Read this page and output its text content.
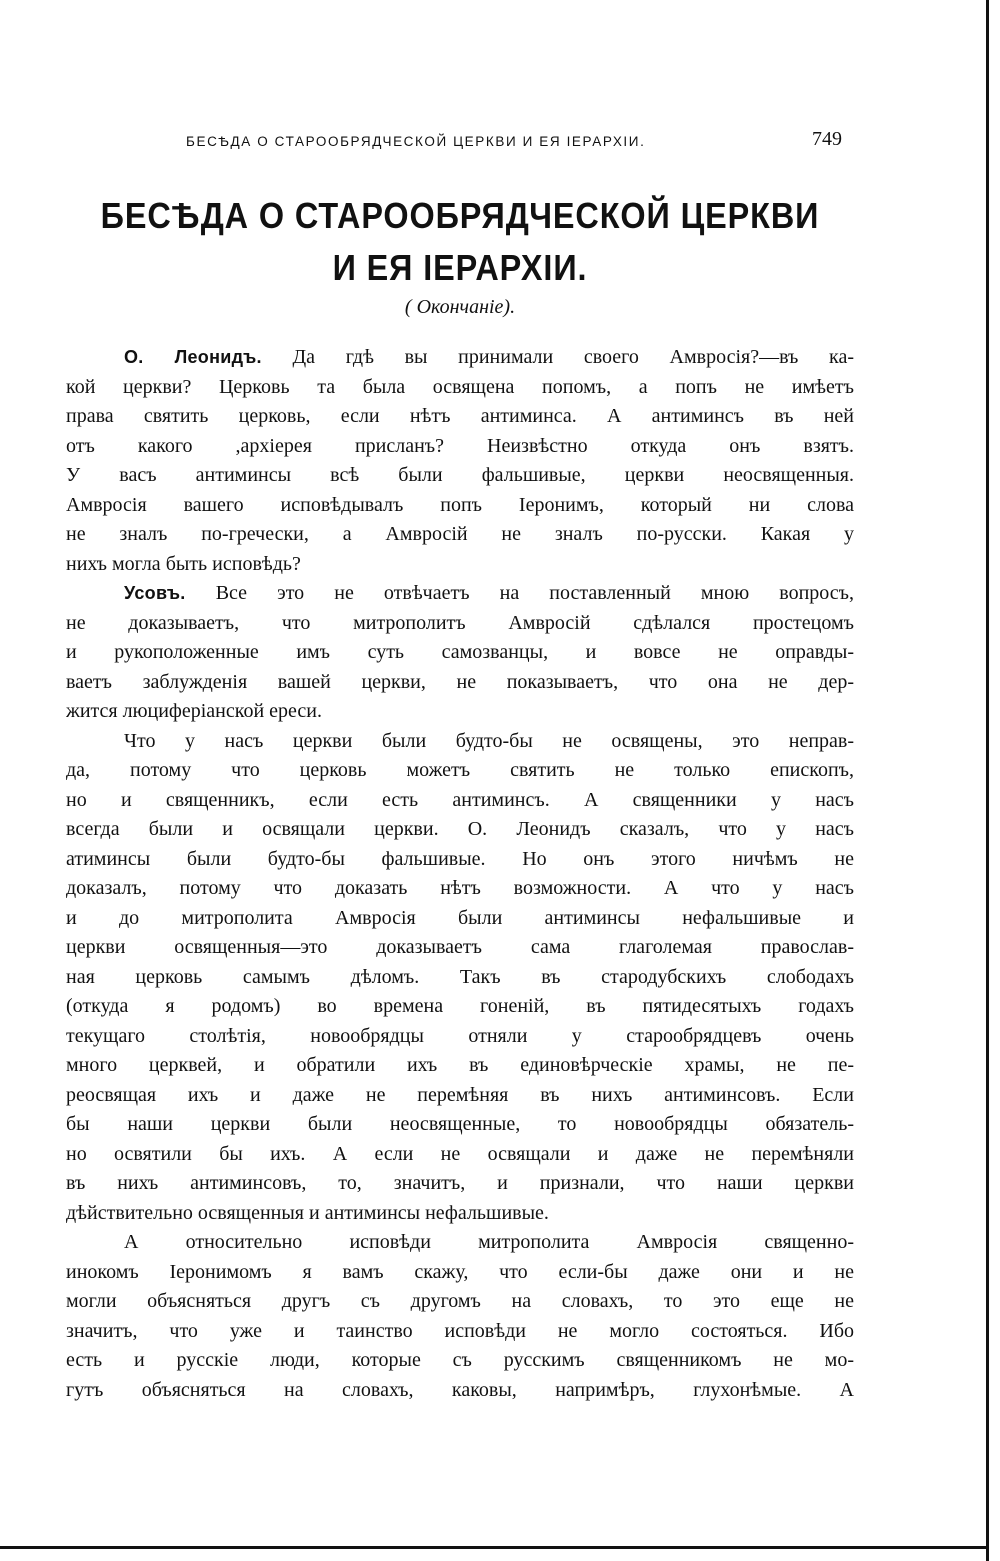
БЕСѢДА О СТАРООБРЯДЧЕСКОЙ ЦЕРКВИ И ЕЯ ІЕРАРХІИ.	749
БЕСѢДА О СТАРООБРЯДЧЕСКОЙ ЦЕРКВИ
И ЕЯ ІЕРАРХІИ.
( Окончаніе).
О. Леонидъ. Да гдѣ вы принимали своего Амвросія?—въ ка-
кой церкви? Церковь та была освящена попомъ, а попъ не имѣетъ
права святить церковь, если нѣтъ антиминса. А антиминсъ въ ней
отъ какого ,архіерея присланъ? Неизвѣстно откуда онъ взятъ.
У васъ антиминсы всѣ были фальшивые, церкви неосвященныя.
Амвросія вашего исповѣдывалъ попъ Іеронимъ, который ни слова
не зналъ по-гречески, а Амвросій не зналъ по-русски. Какая у
нихъ могла быть исповѣдь?
Усовъ. Все это не отвѣчаетъ на поставленный мною вопросъ,
не доказываетъ, что митрополитъ Амвросій сдѣлался простецомъ
и рукоположенные имъ суть самозванцы, и вовсе не оправды-
ваетъ заблужденія вашей церкви, не показываетъ, что она не дер-
жится люциферіанской ереси.
Что у насъ церкви были будто-бы не освящены, это неправ-
да, потому что церковь можетъ святить не только епископъ,
но и священникъ, если есть антиминсъ. А священники у насъ
всегда были и освящали церкви. О. Леонидъ сказалъ, что у насъ
атиминсы были будто-бы фальшивые. Но онъ этого ничѣмъ не
доказалъ, потому что доказать нѣтъ возможности. А что у насъ
и до митрополита Амвросія были антиминсы нефальшивые и
церкви освященныя—это доказываетъ сама глаголемая православ-
ная церковь самымъ дѣломъ. Такъ въ стародубскихъ слободахъ
(откуда я родомъ) во времена гоненій, въ пятидесятыхъ годахъ
текущаго столѣтія, новообрядцы отняли у старообрядцевъ очень
много церквей, и обратили ихъ въ единовѣрческіе храмы, не пе-
реосвящая ихъ и даже не перемѣняя въ нихъ антиминсовъ. Если
бы наши церкви были неосвященные, то новообрядцы обязатель-
но освятили бы ихъ. А если не освящали и даже не перемѣняли
въ нихъ антиминсовъ, то, значитъ, и признали, что наши церкви
дѣйствительно освященныя и антиминсы нефальшивые.
А относительно исповѣди митрополита Амвросія священно-
инокомъ Іеронимомъ я вамъ скажу, что если-бы даже они и не
могли объясняться другъ съ другомъ на словахъ, то это еще не
значитъ, что уже и таинство исповѣди не могло состояться. Ибо
есть и русскіе люди, которые съ русскимъ священникомъ не мо-
гутъ объясняться на словахъ, каковы, напримѣръ, глухонѣмые. А
